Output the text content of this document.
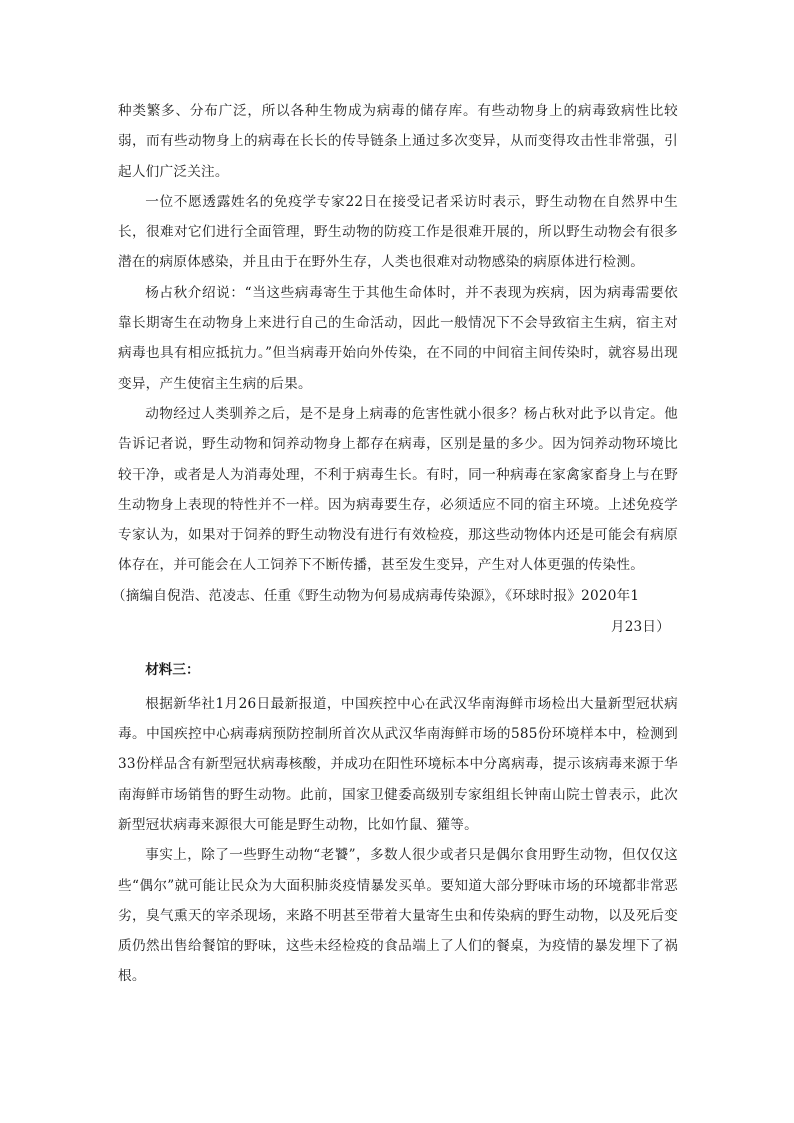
种类繁多、分布广泛，所以各种生物成为病毒的储存库。有些动物身上的病毒致病性比较弱，而有些动物身上的病毒在长长的传导链条上通过多次变异，从而变得攻击性非常强，引起人们广泛关注。

一位不愿透露姓名的免疫学专家22日在接受记者采访时表示，野生动物在自然界中生长，很难对它们进行全面管理，野生动物的防疫工作是很难开展的，所以野生动物会有很多潜在的病原体感染，并且由于在野外生存，人类也很难对动物感染的病原体进行检测。

杨占秋介绍说：“当这些病毒寄生于其他生命体时，并不表现为疾病，因为病毒需要依靠长期寄生在动物身上来进行自己的生命活动，因此一般情况下不会导致宿主生病，宿主对病毒也具有相应抵抗力。”但当病毒开始向外传染，在不同的中间宿主间传染时，就容易出现变异，产生使宿主生病的后果。

动物经过人类驯养之后，是不是身上病毒的危害性就小很多？杨占秋对此予以肯定。他告诉记者说，野生动物和饲养动物身上都存在病毒，区别是量的多少。因为饲养动物环境比较干净，或者是人为消毒处理，不利于病毒生长。有时，同一种病毒在家禽家畜身上与在野生动物身上表现的特性并不一样。因为病毒要生存，必须适应不同的宿主环境。上述免疫学专家认为，如果对于饲养的野生动物没有进行有效检疫，那这些动物体内还是可能会有病原体存在，并可能会在人工饲养下不断传播，甚至发生变异，产生对人体更强的传染性。

（摘编自倪浩、范凌志、任重《野生动物为何易成病毒传染源》，《环球时报》2020年1
月23日）

材料三：

根据新华社1月26日最新报道，中国疾控中心在武汉华南海鲜市场检出大量新型冠状病毒。中国疾控中心病毒病预防控制所首次从武汉华南海鲜市场的585份环境样本中，检测到33份样品含有新型冠状病毒核酸，并成功在阳性环境标本中分离病毒，提示该病毒来源于华南海鲜市场销售的野生动物。此前，国家卫健委高级别专家组组长钟南山院士曾表示，此次新型冠状病毒来源很大可能是野生动物，比如竹鼠、獾等。

事实上，除了一些野生动物“老饕”，多数人很少或者只是偶尔食用野生动物，但仅仅这些“偶尔”就可能让民众为大面积肺炎疫情暴发买单。要知道大部分野味市场的环境都非常恶劣，臭气熏天的宰杀现场，来路不明甚至带着大量寄生虫和传染病的野生动物，以及死后变质仍然出售给餐馆的野味，这些未经检疫的食品端上了人们的餐桌，为疫情的暴发埋下了祸根。
